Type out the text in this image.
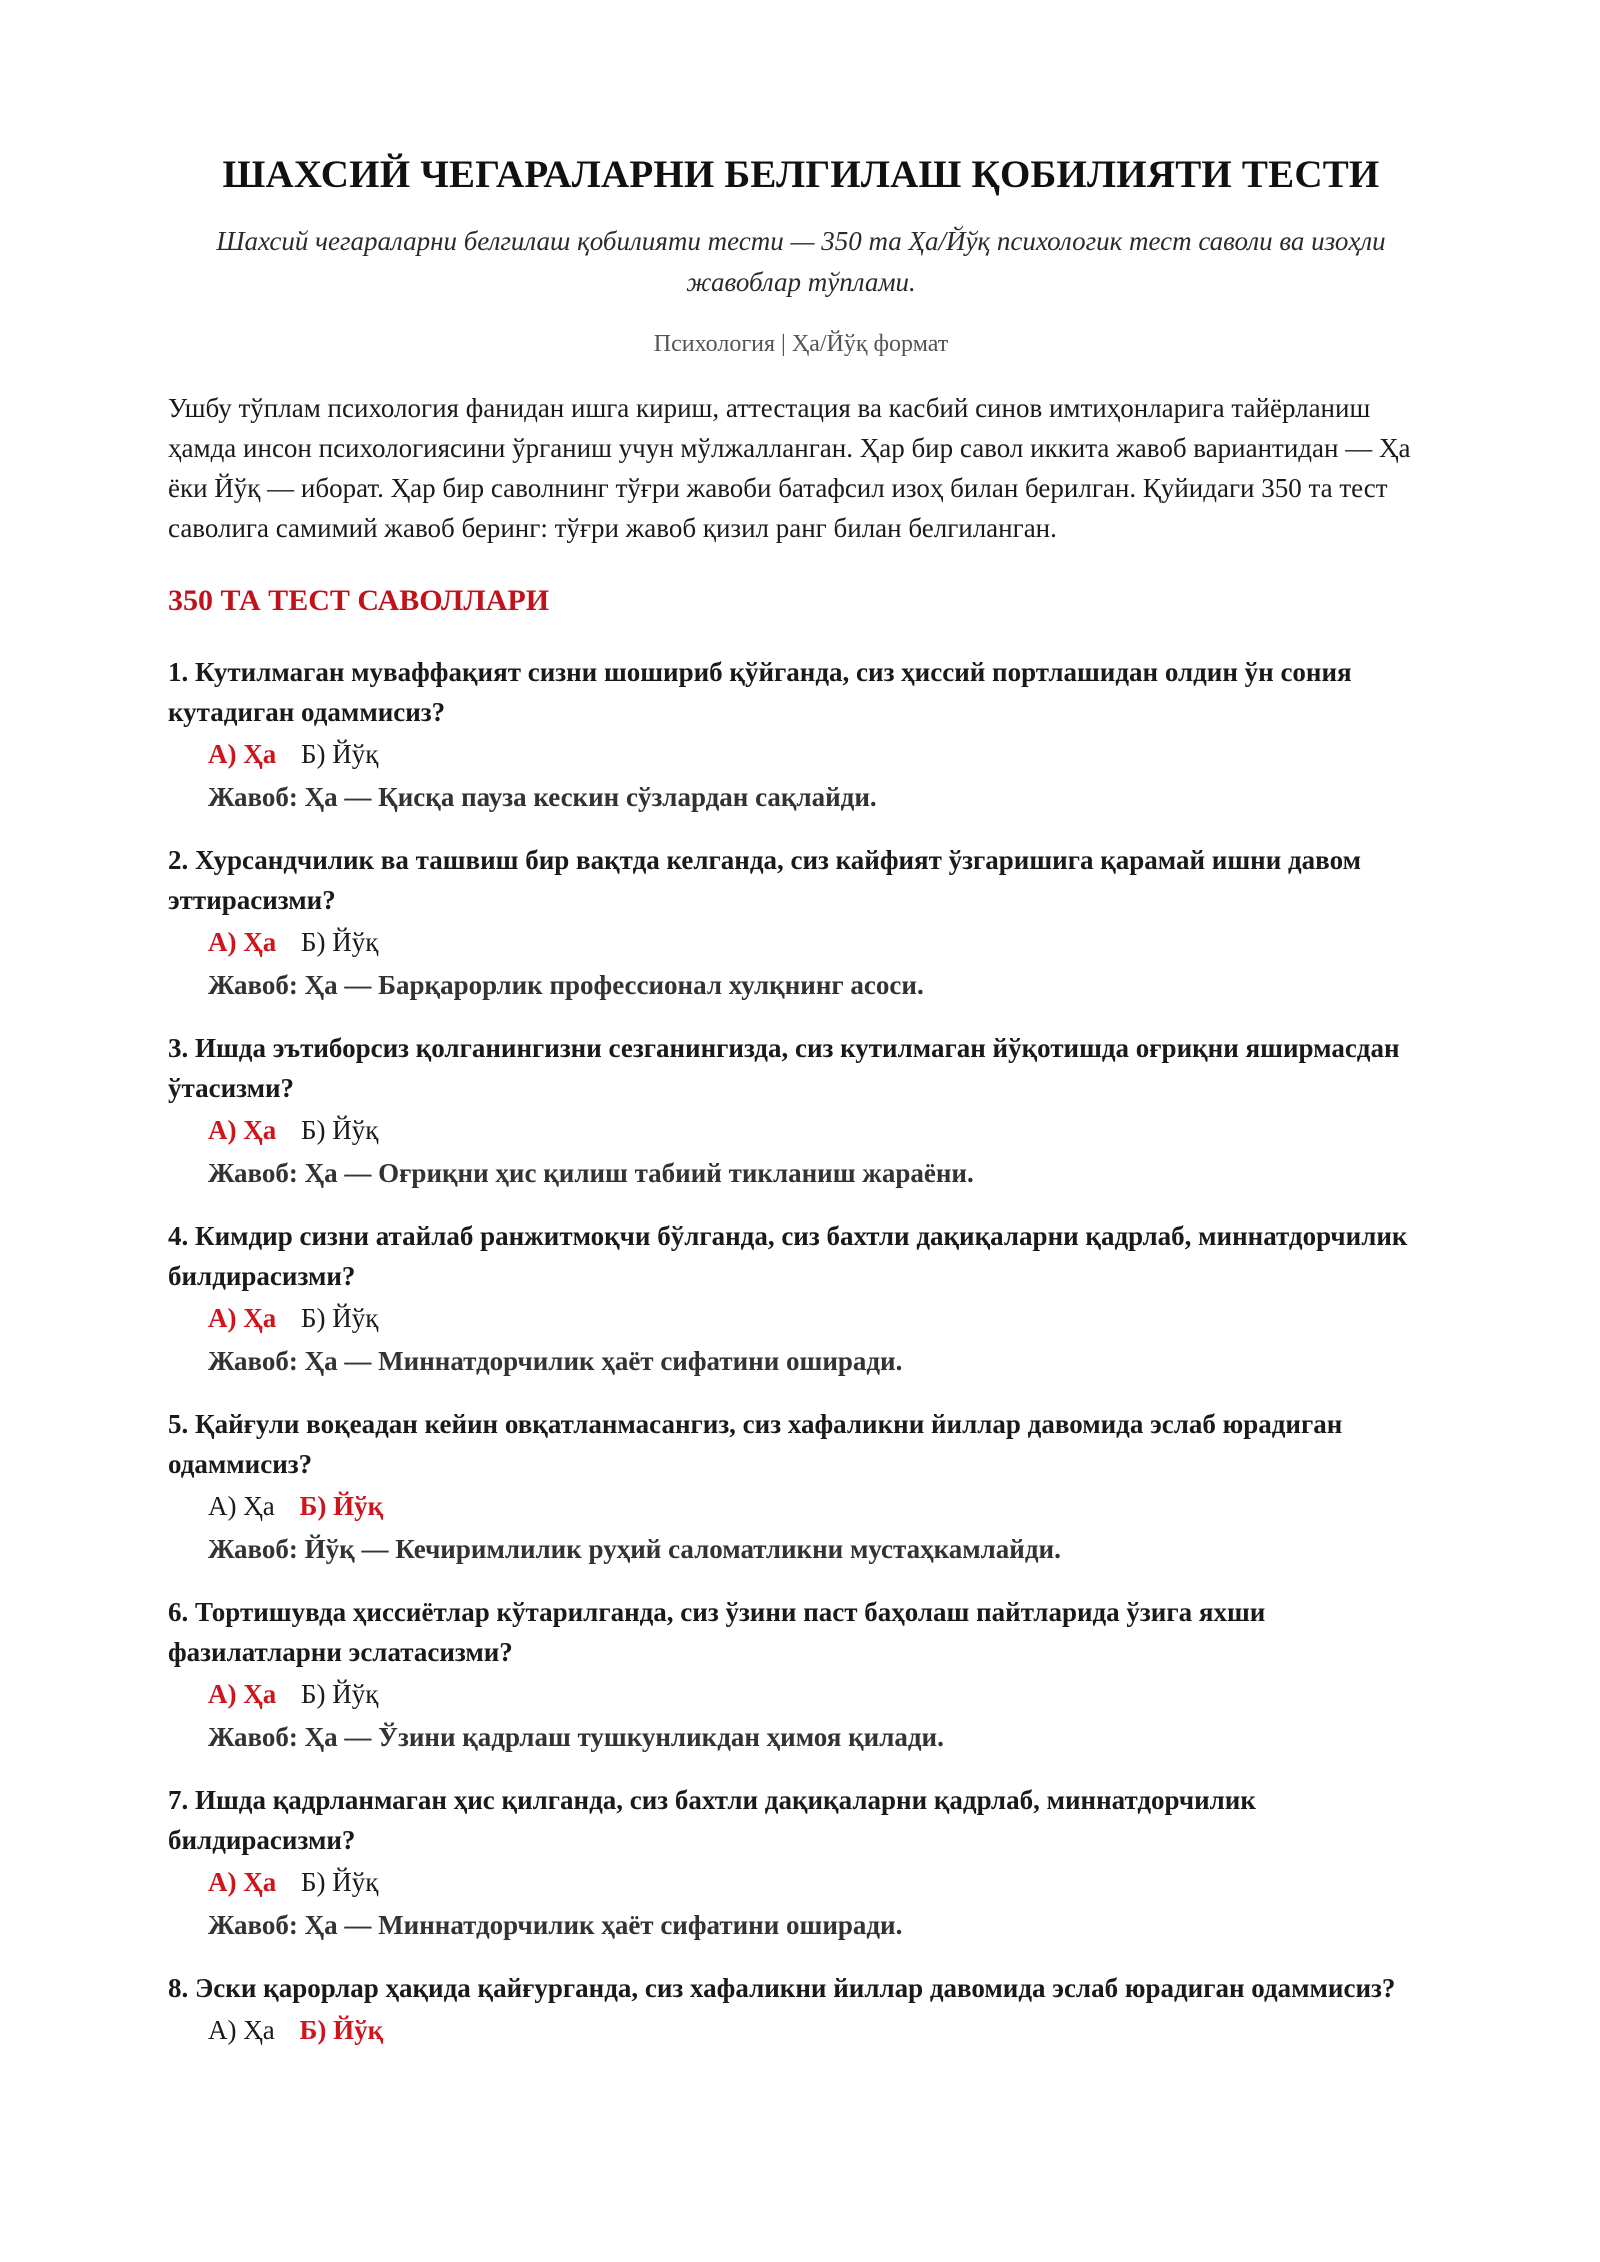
ШАХСИЙ ЧЕГАРАЛАРНИ БЕЛГИЛАШ ҚОБИЛИЯТИ ТЕСТИ
Шахсий чегараларни белгилаш қобилияти тести — 350 та Ҳа/Йўқ психологик тест саволи ва изоҳли жавоблар тўплами.
Психология | Ҳа/Йўқ формат
Ушбу тўплам психология фанидан ишга кириш, аттестация ва касбий синов имтиҳонларига тайёрланиш ҳамда инсон психологиясини ўрганиш учун мўлжалланган. Ҳар бир савол иккита жавоб вариантидан — Ҳа ёки Йўқ — иборат. Ҳар бир саволнинг тўғри жавоби батафсил изоҳ билан берилган. Қуйидаги 350 та тест саволига самимий жавоб беринг: тўғри жавоб қизил ранг билан белгиланган.
350 ТА ТЕСТ САВОЛЛАРИ
1. Кутилмаган муваффақият сизни шошириб қўйганда, сиз ҳиссий портлашидан олдин ўн сония кутадиган одаммисиз?
А) Ҳа Б) Йўқ
Жавоб: Ҳа — Қисқа пауза кескин сўзлардан сақлайди.
2. Хурсандчилик ва ташвиш бир вақтда келганда, сиз кайфият ўзгаришига қарамай ишни давом эттирасизми?
А) Ҳа Б) Йўқ
Жавоб: Ҳа — Барқарорлик профессионал хулқнинг асоси.
3. Ишда эътиборсиз қолганингизни сезганингизда, сиз кутилмаган йўқотишда оғриқни яширмасдан ўтасизми?
А) Ҳа Б) Йўқ
Жавоб: Ҳа — Оғриқни ҳис қилиш табиий тикланиш жараёни.
4. Кимдир сизни атайлаб ранжитмоқчи бўлганда, сиз бахтли дақиқаларни қадрлаб, миннатдорчилик билдирасизми?
А) Ҳа Б) Йўқ
Жавоб: Ҳа — Миннатдорчилик ҳаёт сифатини оширади.
5. Қайғули воқеадан кейин овқатланмасангиз, сиз хафаликни йиллар давомида эслаб юрадиган одаммисиз?
А) Ҳа Б) Йўқ
Жавоб: Йўқ — Кечиримлилик руҳий саломатликни мустаҳкамлайди.
6. Тортишувда ҳиссиётлар кўтарилганда, сиз ўзини паст баҳолаш пайтларида ўзига яхши фазилатларни эслатасизми?
А) Ҳа Б) Йўқ
Жавоб: Ҳа — Ўзини қадрлаш тушкунликдан ҳимоя қилади.
7. Ишда қадрланмаган ҳис қилганда, сиз бахтли дақиқаларни қадрлаб, миннатдорчилик билдирасизми?
А) Ҳа Б) Йўқ
Жавоб: Ҳа — Миннатдорчилик ҳаёт сифатини оширади.
8. Эски қарорлар ҳақида қайғурганда, сиз хафаликни йиллар давомида эслаб юрадиган одаммисиз?
А) Ҳа Б) Йўқ
